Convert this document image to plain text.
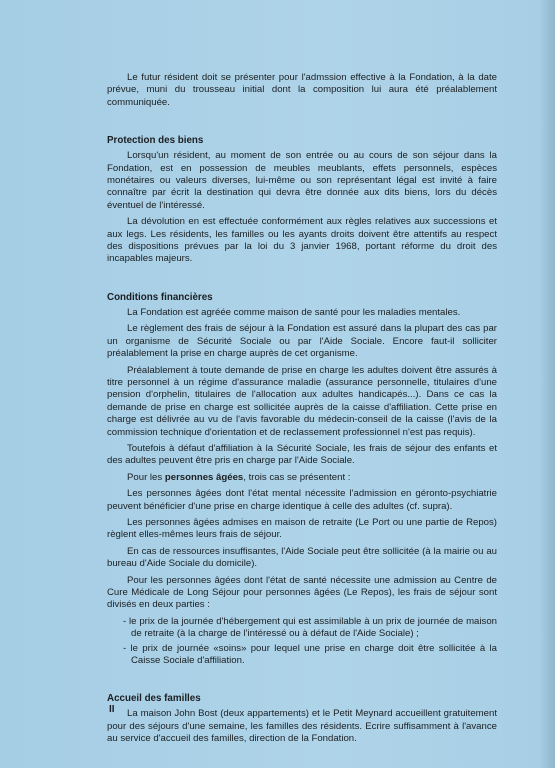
Le futur résident doit se présenter pour l'admssion effective à la Fondation, à la date prévue, muni du trousseau initial dont la composition lui aura été préalablement communiquée.

Protection des biens

Lorsqu'un résident, au moment de son entrée ou au cours de son séjour dans la Fondation, est en possession de meubles meublants, effets personnels, espèces monétaires ou valeurs diverses, lui-même ou son représentant légal est invité à faire connaître par écrit la destination qui devra être donnée aux dits biens, lors du décès éventuel de l'intéressé.

La dévolution en est effectuée conformément aux règles relatives aux successions et aux legs. Les résidents, les familles ou les ayants droits doivent être attentifs au respect des dispositions prévues par la loi du 3 janvier 1968, portant réforme du droit des incapables majeurs.

Conditions financières

La Fondation est agréée comme maison de santé pour les maladies mentales.

Le règlement des frais de séjour à la Fondation est assuré dans la plupart des cas par un organisme de Sécurité Sociale ou par l'Aide Sociale. Encore faut-il solliciter préalablement la prise en charge auprès de cet organisme.

Préalablement à toute demande de prise en charge les adultes doivent être assurés à titre personnel à un régime d'assurance maladie (assurance personnelle, titulaires d'une pension d'orphelin, titulaires de l'allocation aux adultes handicapés...). Dans ce cas la demande de prise en charge est sollicitée auprès de la caisse d'affiliation. Cette prise en charge est délivrée au vu de l'avis favorable du médecin-conseil de la caisse (l'avis de la commission technique d'orientation et de reclassement professionnel n'est pas requis).

Toutefois à défaut d'affiliation à la Sécurité Sociale, les frais de séjour des enfants et des adultes peuvent être pris en charge par l'Aide Sociale.

Pour les personnes âgées, trois cas se présentent :

Les personnes âgées dont l'état mental nécessite l'admission en géronto-psychiatrie peuvent bénéficier d'une prise en charge identique à celle des adultes (cf. supra).

Les personnes âgées admises en maison de retraite (Le Port ou une partie de Repos) règlent elles-mêmes leurs frais de séjour.

En cas de ressources insuffisantes, l'Aide Sociale peut être sollicitée (à la mairie ou au bureau d'Aide Sociale du domicile).

Pour les personnes âgées dont l'état de santé nécessite une admission au Centre de Cure Médicale de Long Séjour pour personnes âgées (Le Repos), les frais de séjour sont divisés en deux parties :

- le prix de la journée d'hébergement qui est assimilable à un prix de journée de maison de retraite (à la charge de l'intéressé ou à défaut de l'Aide Sociale) ;
- le prix de journée «soins» pour lequel une prise en charge doit être sollicitée à la Caisse Sociale d'affiliation.
Accueil des familles

La maison John Bost (deux appartements) et le Petit Meynard accueillent gratuitement pour des séjours d'une semaine, les familles des résidents. Ecrire suffisamment à l'avance au service d'accueil des familles, direction de la Fondation.

II
